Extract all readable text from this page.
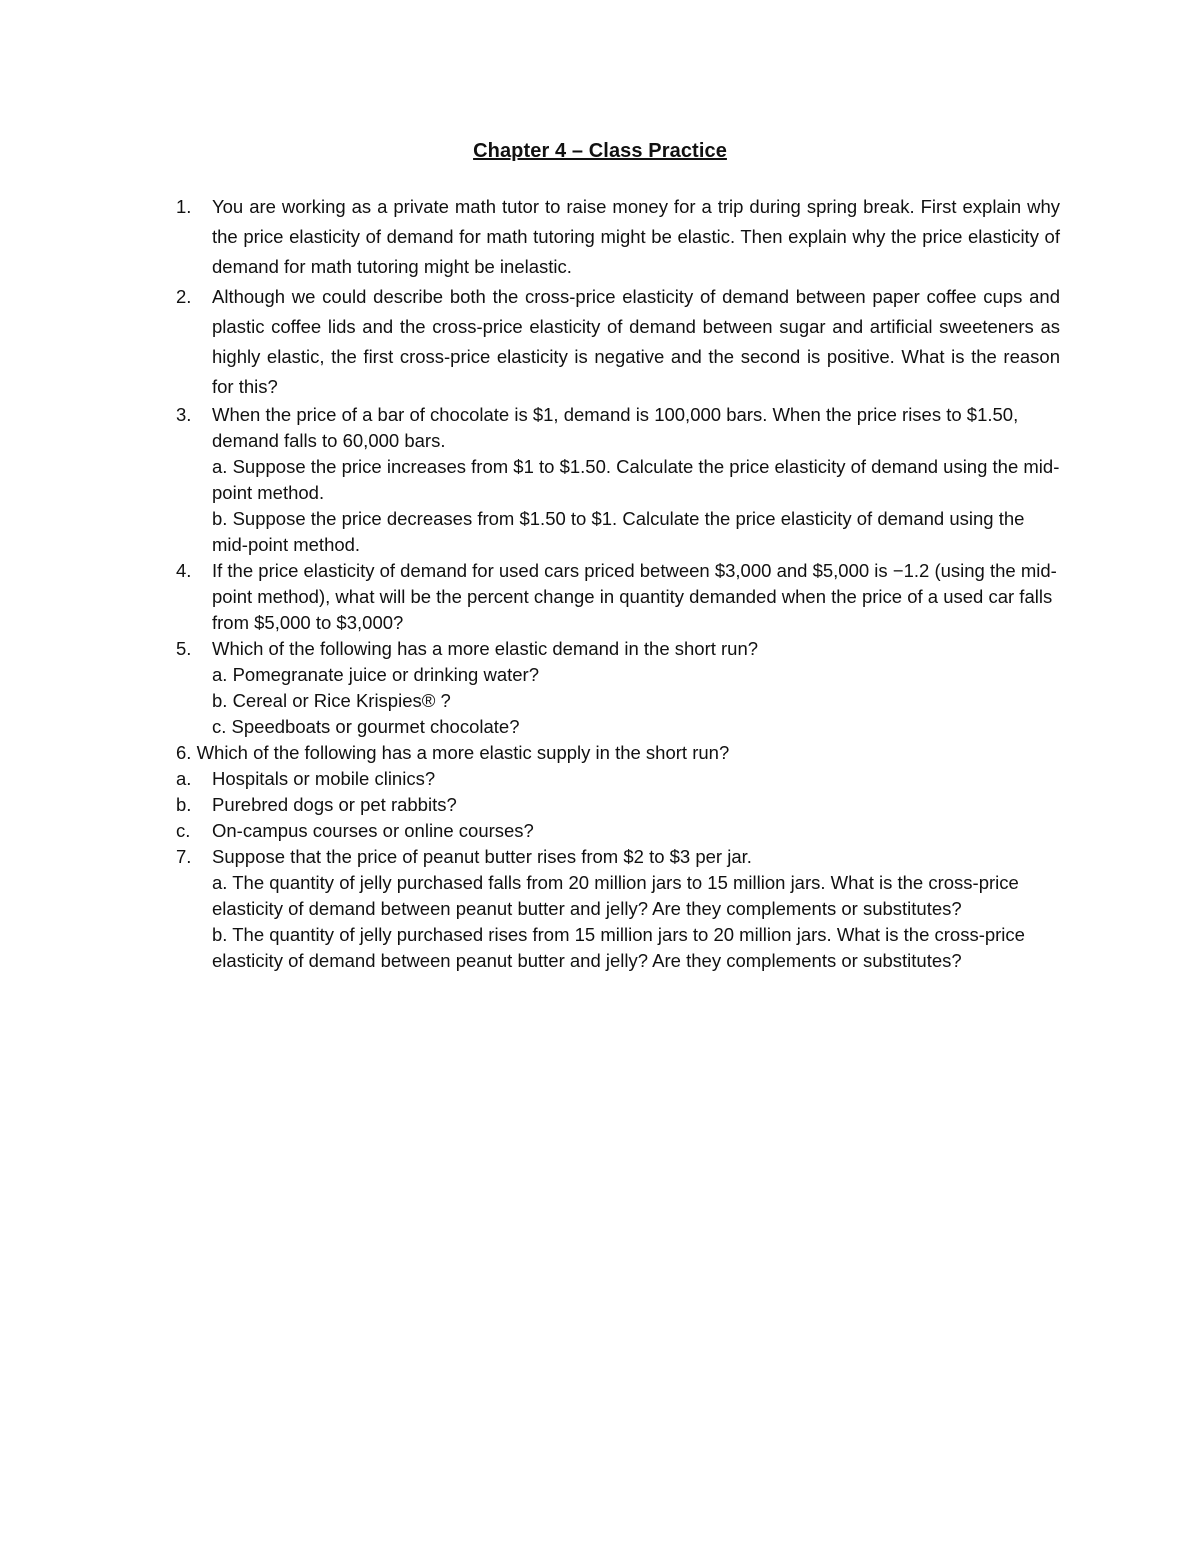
Chapter 4 – Class Practice
1.	You are working as a private math tutor to raise money for a trip during spring break. First explain why the price elasticity of demand for math tutoring might be elastic. Then explain why the price elasticity of demand for math tutoring might be inelastic.

2.	Although we could describe both the cross-price elasticity of demand between paper coffee cups and plastic coffee lids and the cross-price elasticity of demand between sugar and artificial sweeteners as highly elastic, the first cross-price elasticity is negative and the second is positive. What is the reason for this?

3.	When the price of a bar of chocolate is $1, demand is 100,000 bars. When the price rises to $1.50, demand falls to 60,000 bars.

a. Suppose the price increases from $1 to $1.50. Calculate the price elasticity of demand using the mid-point method.

b. Suppose the price decreases from $1.50 to $1. Calculate the price elasticity of demand using the mid-point method.

4.	If the price elasticity of demand for used cars priced between $3,000 and $5,000 is −1.2 (using the mid-point method), what will be the percent change in quantity demanded when the price of a used car falls from $5,000 to $3,000?

5.	Which of the following has a more elastic demand in the short run?

a. Pomegranate juice or drinking water?

b. Cereal or Rice Krispies® ?

c. Speedboats or gourmet chocolate?

6. Which of the following has a more elastic supply in the short run?

a.	Hospitals or mobile clinics?

b.	Purebred dogs or pet rabbits?

c.	On-campus courses or online courses?

7.	Suppose that the price of peanut butter rises from $2 to $3 per jar.

a. The quantity of jelly purchased falls from 20 million jars to 15 million jars. What is the cross-price elasticity of demand between peanut butter and jelly? Are they complements or substitutes?

b. The quantity of jelly purchased rises from 15 million jars to 20 million jars. What is the cross-price elasticity of demand between peanut butter and jelly? Are they complements or substitutes?
